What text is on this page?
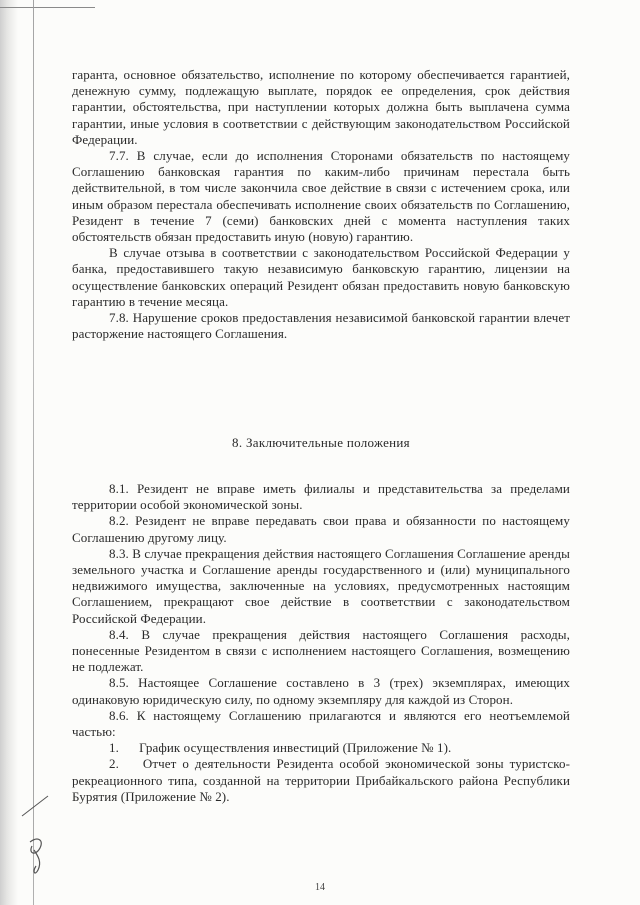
гаранта, основное обязательство, исполнение по которому обеспечивается гарантией, денежную сумму, подлежащую выплате, порядок ее определения, срок действия гарантии, обстоятельства, при наступлении которых должна быть выплачена сумма гарантии, иные условия в соответствии с действующим законодательством Российской Федерации.

7.7. В случае, если до исполнения Сторонами обязательств по настоящему Соглашению банковская гарантия по каким-либо причинам перестала быть действительной, в том числе закончила свое действие в связи с истечением срока, или иным образом перестала обеспечивать исполнение своих обязательств по Соглашению, Резидент в течение 7 (семи) банковских дней с момента наступления таких обстоятельств обязан предоставить иную (новую) гарантию.

В случае отзыва в соответствии с законодательством Российской Федерации у банка, предоставившего такую независимую банковскую гарантию, лицензии на осуществление банковских операций Резидент обязан предоставить новую банковскую гарантию в течение месяца.

7.8. Нарушение сроков предоставления независимой банковской гарантии влечет расторжение настоящего Соглашения.

8. Заключительные положения

8.1. Резидент не вправе иметь филиалы и представительства за пределами территории особой экономической зоны.

8.2. Резидент не вправе передавать свои права и обязанности по настоящему Соглашению другому лицу.

8.3. В случае прекращения действия настоящего Соглашения Соглашение аренды земельного участка и Соглашение аренды государственного и (или) муниципального недвижимого имущества, заключенные на условиях, предусмотренных настоящим Соглашением, прекращают свое действие в соответствии с законодательством Российской Федерации.

8.4. В случае прекращения действия настоящего Соглашения расходы, понесенные Резидентом в связи с исполнением настоящего Соглашения, возмещению не подлежат.

8.5. Настоящее Соглашение составлено в 3 (трех) экземплярах, имеющих одинаковую юридическую силу, по одному экземпляру для каждой из Сторон.

8.6. К настоящему Соглашению прилагаются и являются его неотъемлемой частью:

1. График осуществления инвестиций (Приложение № 1).

2. Отчет о деятельности Резидента особой экономической зоны туристско-рекреационного типа, созданной на территории Прибайкальского района Республики Бурятия (Приложение № 2).

14
